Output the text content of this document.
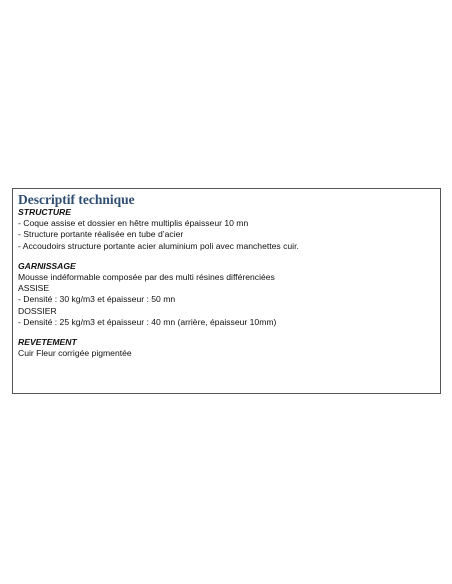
Descriptif technique
STRUCTURE
- Coque assise et dossier en hêtre multiplis épaisseur 10 mn
- Structure portante réalisée en tube d’acier
- Accoudoirs structure portante acier aluminium poli avec manchettes cuir.
GARNISSAGE
Mousse indéformable composée par des multi résines différenciées
ASSISE
- Densité : 30 kg/m3 et épaisseur : 50 mn
DOSSIER
- Densité : 25 kg/m3 et épaisseur : 40 mn (arrière, épaisseur 10mm)
REVETEMENT
Cuir Fleur corrigée pigmentée
